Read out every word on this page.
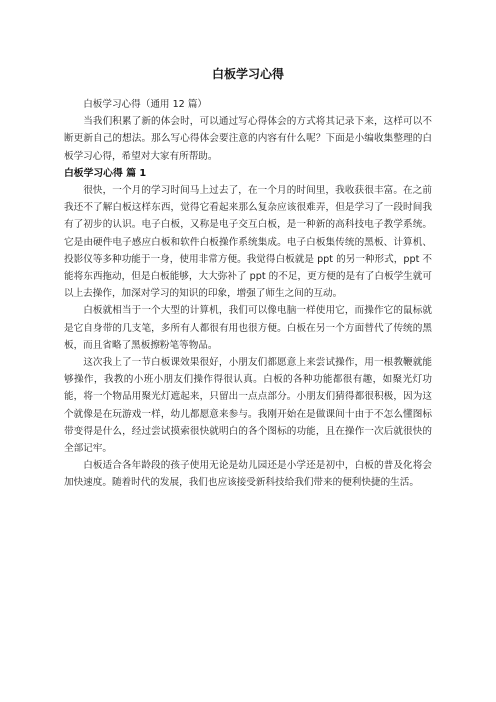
白板学习心得

白板学习心得（通用 12 篇）

当我们积累了新的体会时，可以通过写心得体会的方式将其记录下来，这样可以不断更新自己的想法。那么写心得体会要注意的内容有什么呢？下面是小编收集整理的白板学习心得，希望对大家有所帮助。

白板学习心得 篇 1

很快，一个月的学习时间马上过去了，在一个月的时间里，我收获很丰富。在之前我还不了解白板这样东西，觉得它看起来那么复杂应该很难弄，但是学习了一段时间我有了初步的认识。电子白板，又称是电子交互白板，是一种新的高科技电子教学系统。它是由硬件电子感应白板和软件白板操作系统集成。电子白板集传统的黑板、计算机、投影仪等多种功能于一身，使用非常方便。我觉得白板就是 ppt 的另一种形式，ppt 不能将东西拖动，但是白板能够，大大弥补了 ppt 的不足，更方便的是有了白板学生就可以上去操作，加深对学习的知识的印象，增强了师生之间的互动。

白板就相当于一个大型的计算机，我们可以像电脑一样使用它，而操作它的鼠标就是它自身带的几支笔，多所有人都很有用也很方便。白板在另一个方面替代了传统的黑板，而且省略了黑板擦粉笔等物品。

这次我上了一节白板课效果很好，小朋友们都愿意上来尝试操作，用一根教鞭就能够操作，我教的小班小朋友们操作得很认真。白板的各种功能都很有趣，如聚光灯功能，将一个物品用聚光灯遮起来，只留出一点点部分。小朋友们猜得都很积极，因为这个就像是在玩游戏一样，幼儿都愿意来参与。我刚开始在是做课间十由于不怎么懂图标带变得是什么，经过尝试摸索很快就明白的各个图标的功能，且在操作一次后就很快的全部记牢。

白板适合各年龄段的孩子使用无论是幼儿园还是小学还是初中，白板的普及化将会加快速度。随着时代的发展，我们也应该接受新科技给我们带来的便利快捷的生活。
